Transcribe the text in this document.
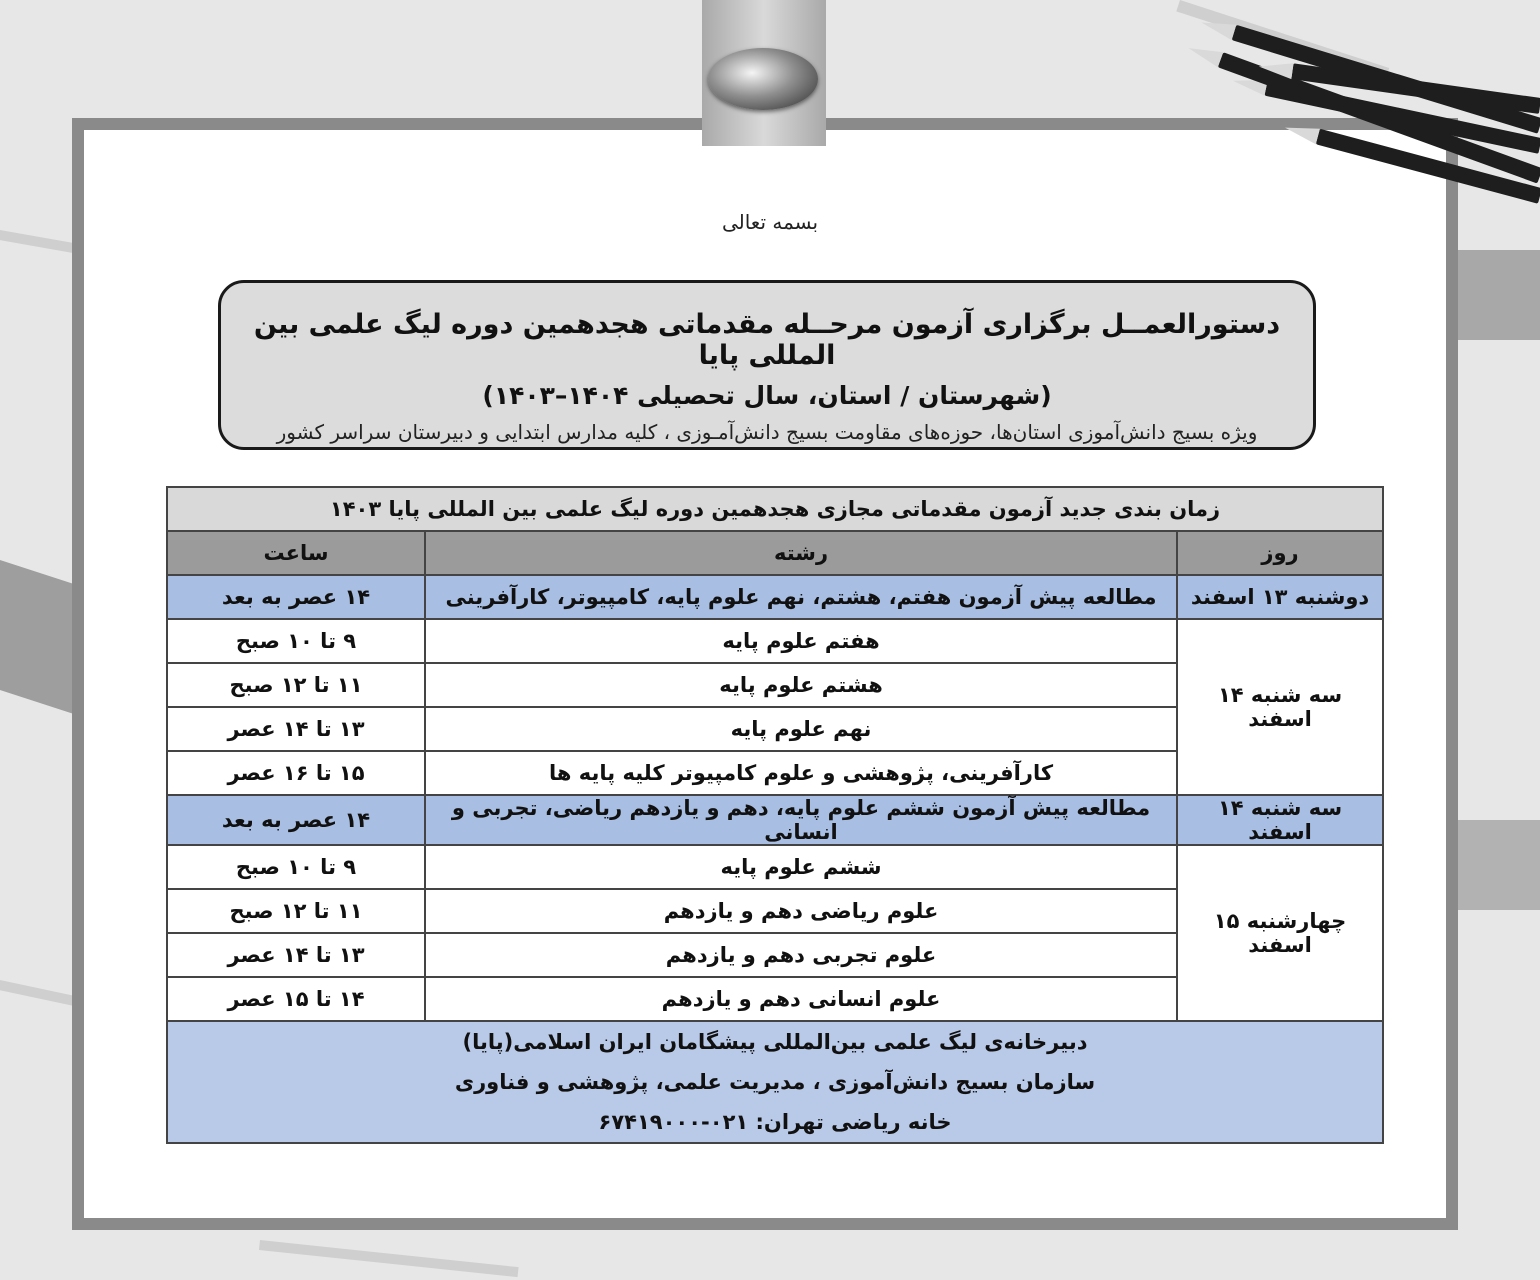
بسمه تعالی
دستورالعمــل برگزاری آزمون مرحــله مقدماتی هجدهمین دوره لیگ علمی بین المللی پایا
(شهرستان / استان، سال تحصیلی ۱۴۰۴–۱۴۰۳)
ویژه بسیج دانش‌آموزی استان‌ها، حوزه‌های مقاومت بسیج دانش‌آمـوزی ، کلیه مدارس ابتدایی و دبیرستان سراسر کشور
زمان بندی جدید آزمون مقدماتی مجازی هجدهمین دوره لیگ علمی بین المللی پایا ۱۴۰۳		
روز	رشته	ساعت
دوشنبه ۱۳ اسفند	مطالعه پیش آزمون هفتم، هشتم، نهم علوم پایه، کامپیوتر، کارآفرینی	۱۴ عصر به بعد
سه شنبه ۱۴ اسفند	هفتم علوم پایه	۹ تا ۱۰ صبح
	هشتم علوم پایه	۱۱ تا ۱۲ صبح
	نهم علوم پایه	۱۳ تا ۱۴ عصر
	کارآفرینی، پژوهشی و علوم کامپیوتر کلیه پایه ها	۱۵ تا ۱۶ عصر
سه شنبه ۱۴ اسفند	مطالعه پیش آزمون ششم علوم پایه، دهم و یازدهم ریاضی، تجربی و انسانی	۱۴ عصر به بعد
چهارشنبه ۱۵ اسفند	ششم علوم پایه	۹ تا ۱۰ صبح
	علوم ریاضی دهم و یازدهم	۱۱ تا ۱۲ صبح
	علوم تجربی دهم و یازدهم	۱۳ تا ۱۴ عصر
	علوم انسانی دهم و یازدهم	۱۴ تا ۱۵ عصر

دبیرخانه‌ی لیگ علمی بین‌المللی پیشگامان ایران اسلامی(پایا)
سازمان بسیج دانش‌آموزی ، مدیریت علمی، پژوهشی و فناوری
خانه ریاضی تهران: ۰۲۱-۶۷۴۱۹۰۰۰		
